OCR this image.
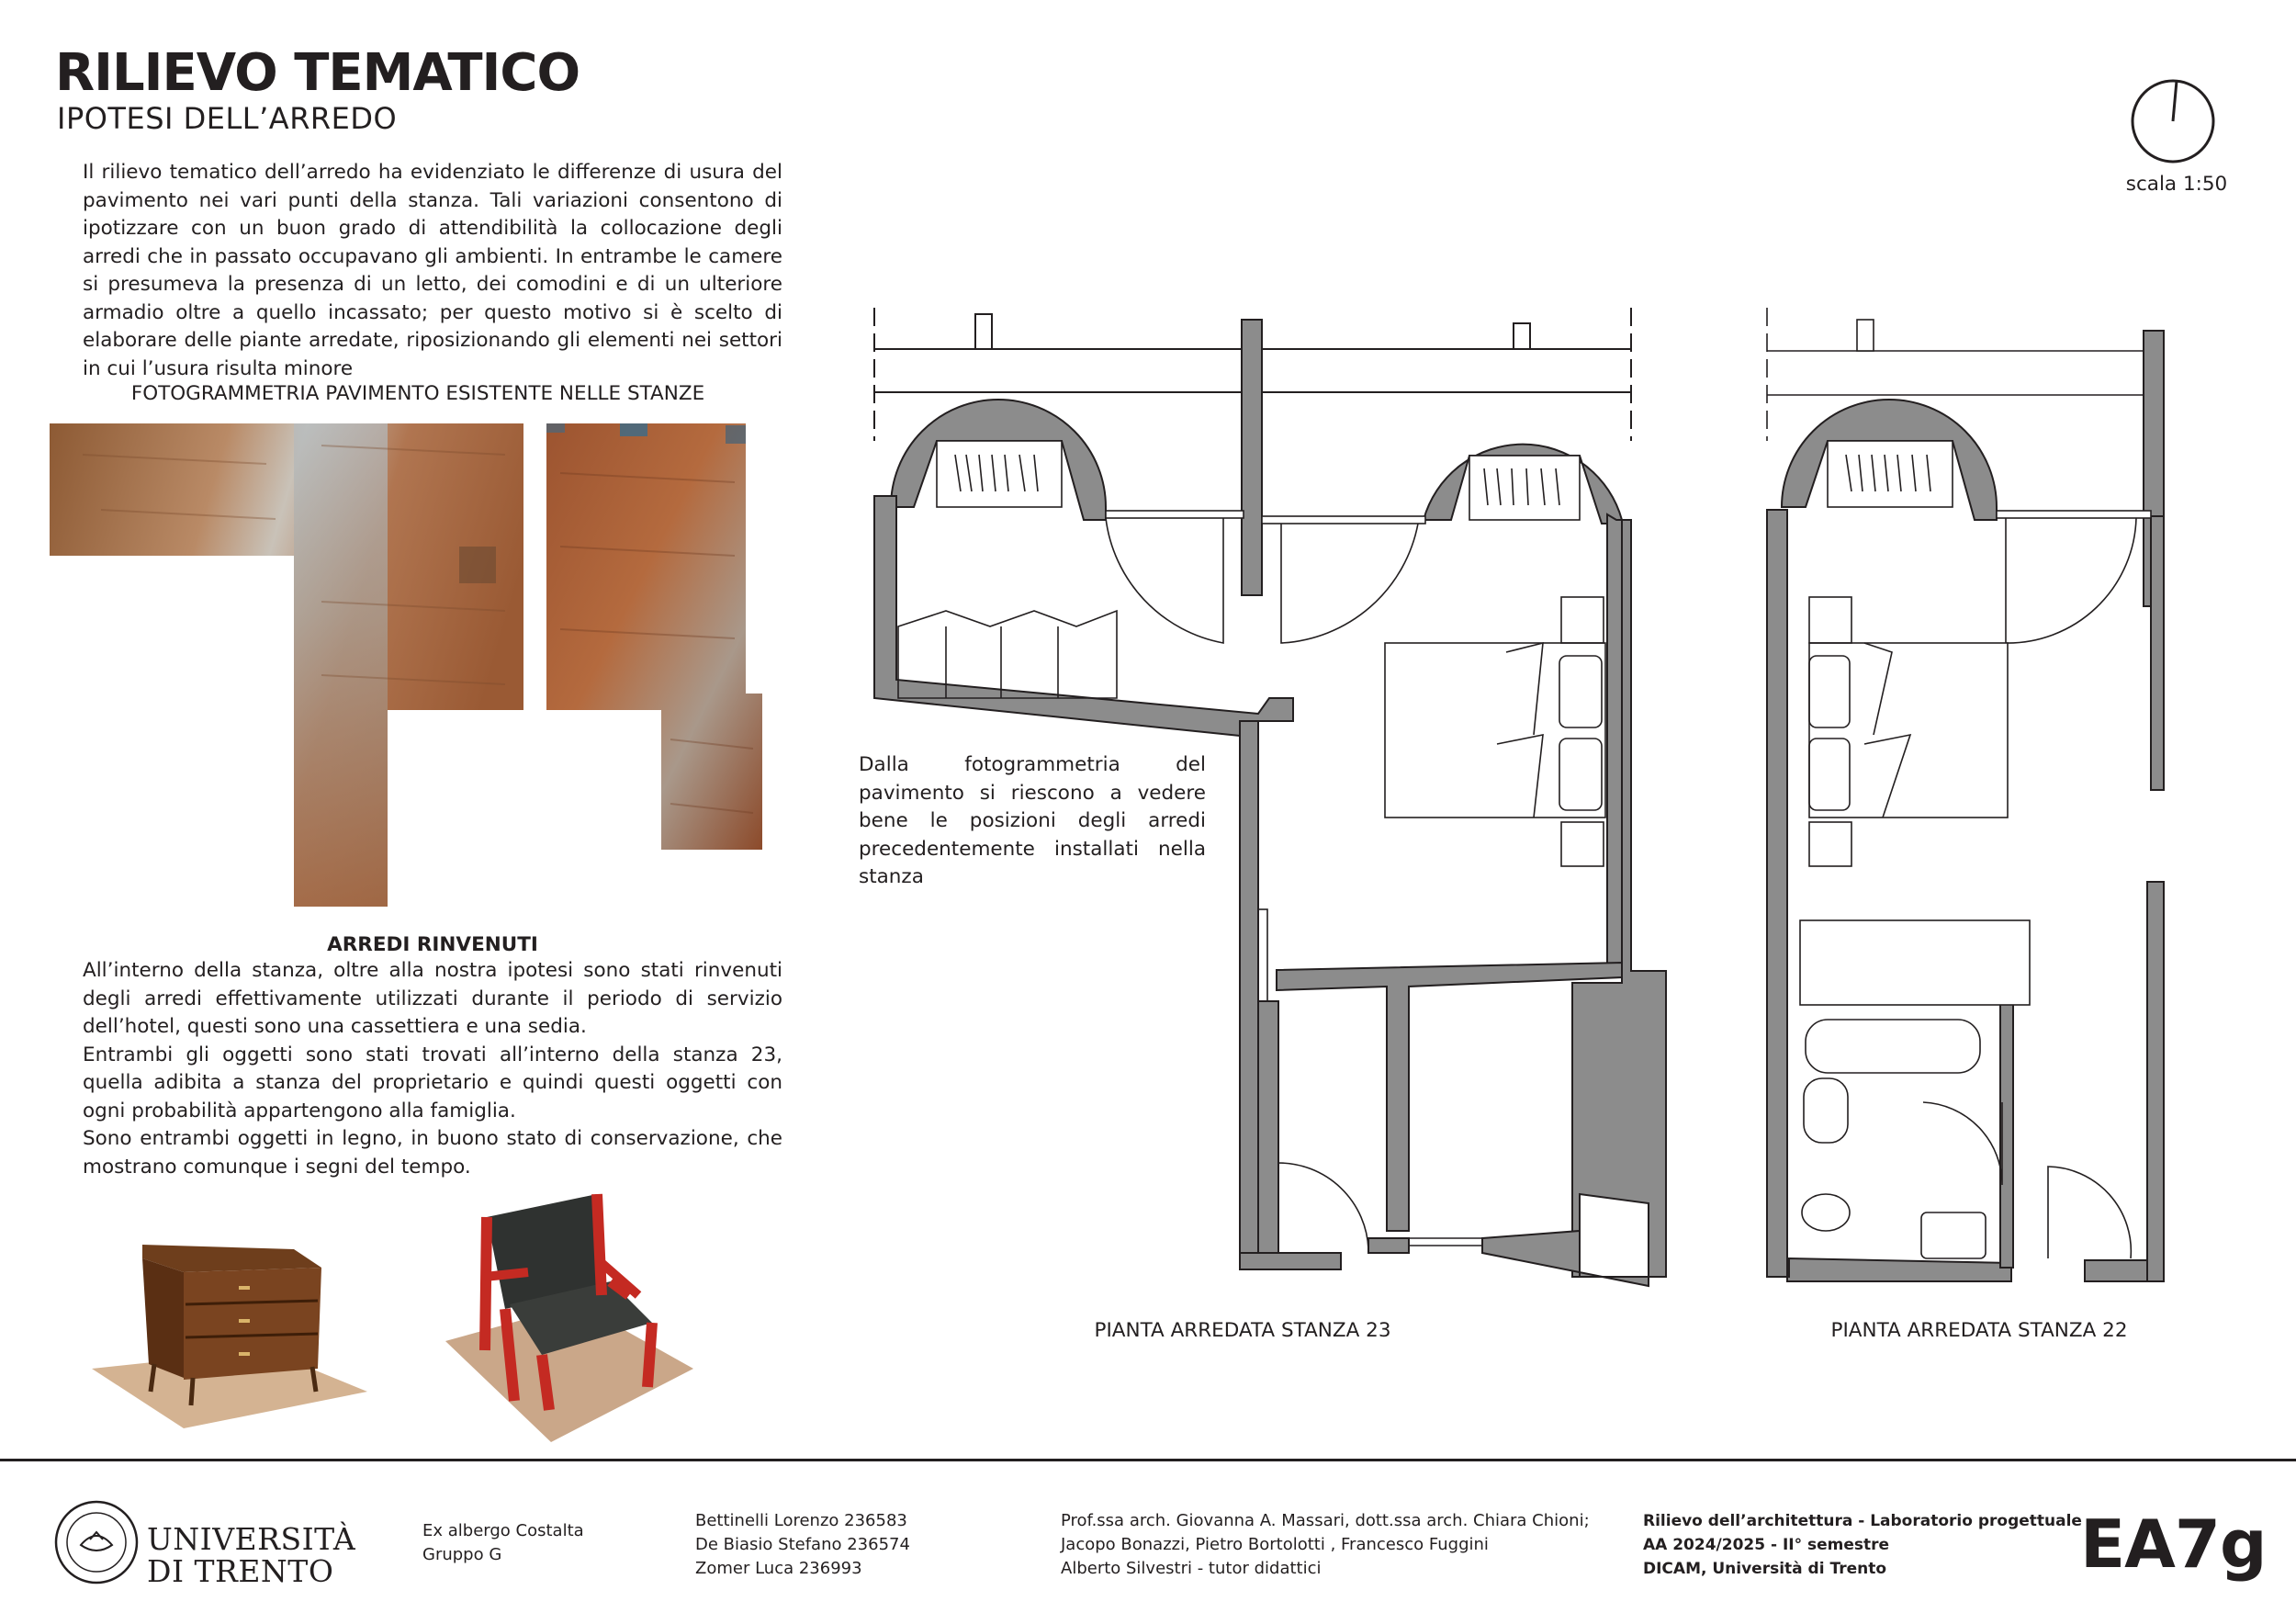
RILIEVO TEMATICO
IPOTESI DELL’ARREDO
Il rilievo tematico dell’arredo ha evidenziato le differenze di usura del pavimento nei vari punti della stanza. Tali variazioni consentono di ipotizzare con un buon grado di attendibilità la collocazione degli arredi che in passato occupavano gli ambienti. In entrambe le camere si presumeva la presenza di un letto, dei comodini e di un ulteriore armadio oltre a quello incassato; per questo motivo si è scelto di elaborare delle piante arredate, riposizionando gli elementi nei settori in cui l’usura risulta minore
FOTOGRAMMETRIA PAVIMENTO ESISTENTE NELLE STANZE
ARREDI RINVENUTI
All’interno della stanza, oltre alla nostra ipotesi sono stati rinvenuti degli arredi effettivamente utilizzati durante il periodo di servizio dell’hotel, questi sono una cassettiera e una sedia.
Entrambi gli oggetti sono stati trovati all’interno della stanza 23, quella adibita a stanza del proprietario e quindi questi oggetti con ogni probabilità appartengono alla famiglia.
Sono entrambi oggetti in legno, in buono stato di conservazione, che mostrano comunque i segni del tempo.
Dalla fotogrammetria del pavimento si riescono a vedere bene le posizioni degli arredi precedentemente installati nella stanza
PIANTA ARREDATA STANZA 23	PIANTA ARREDATA STANZA 22
scala 1:50
UNIVERSITÀ
DI TRENTO
Ex albergo Costalta
Gruppo G
Bettinelli Lorenzo 236583
De Biasio Stefano 236574
Zomer Luca 236993
Prof.ssa arch. Giovanna A. Massari, dott.ssa arch. Chiara Chioni;
Jacopo Bonazzi, Pietro Bortolotti , Francesco Fuggini
Alberto Silvestri - tutor didattici
Rilievo dell’architettura - Laboratorio progettuale
AA 2024/2025 - II° semestre
DICAM, Università di Trento	EA7g
